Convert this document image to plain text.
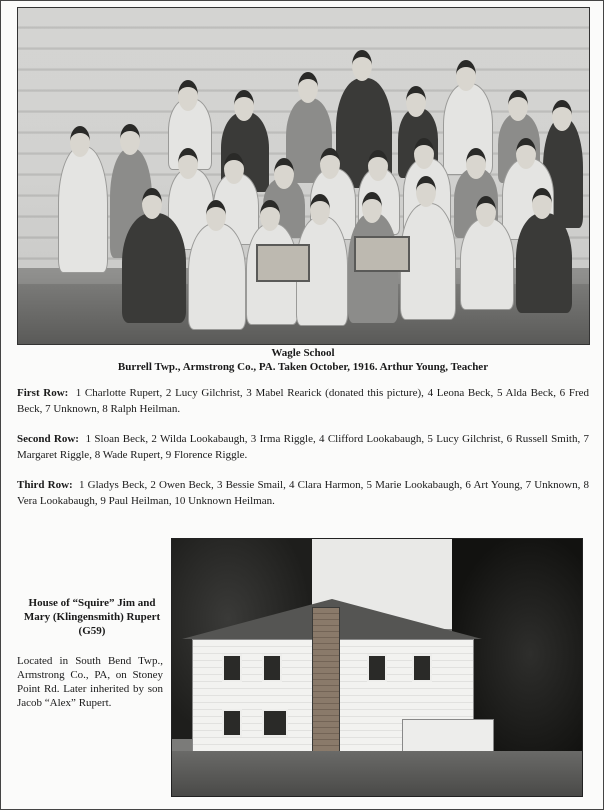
Wagle School
Burrell Twp., Armstrong Co., PA. Taken October, 1916. Arthur Young, Teacher
First Row: 1 Charlotte Rupert, 2 Lucy Gilchrist, 3 Mabel Rearick (donated this picture), 4 Leona Beck, 5 Alda Beck, 6 Fred Beck, 7 Unknown, 8 Ralph Heilman.
Second Row: 1 Sloan Beck, 2 Wilda Lookabaugh, 3 Irma Riggle, 4 Clifford Lookabaugh, 5 Lucy Gilchrist, 6 Russell Smith, 7 Margaret Riggle, 8 Wade Rupert, 9 Florence Riggle.
Third Row: 1 Gladys Beck, 2 Owen Beck, 3 Bessie Smail, 4 Clara Harmon, 5 Marie Lookabaugh, 6 Art Young, 7 Unknown, 8 Vera Lookabaugh, 9 Paul Heilman, 10 Unknown Heilman.
House of “Squire” Jim and Mary (Klingensmith) Rupert (G59)
Located in South Bend Twp., Armstrong Co., PA, on Stoney Point Rd. Later inherited by son Jacob “Alex” Rupert.
